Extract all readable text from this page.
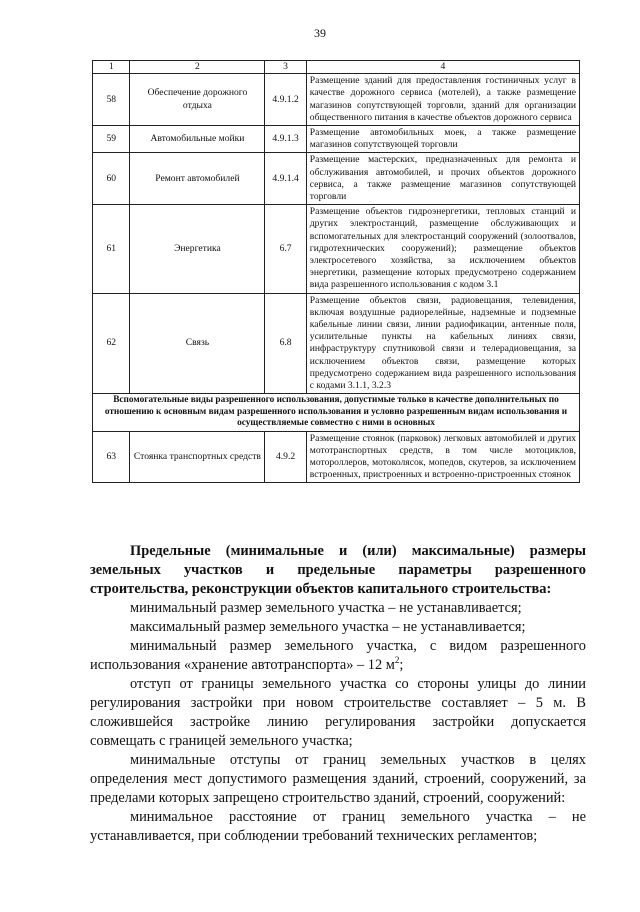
39
1	2	3	4
58	Обеспечение дорожного отдыха	4.9.1.2	Размещение зданий для предоставления гостиничных услуг в качестве дорожного сервиса (мотелей), а также размещение магазинов сопутствующей торговли, зданий для организации общественного питания в качестве объектов дорожного сервиса
59	Автомобильные мойки	4.9.1.3	Размещение автомобильных моек, а также размещение магазинов сопутствующей торговли
60	Ремонт автомобилей	4.9.1.4	Размещение мастерских, предназначенных для ремонта и обслуживания автомобилей, и прочих объектов дорожного сервиса, а также размещение магазинов сопутствующей торговли
61	Энергетика	6.7	Размещение объектов гидроэнергетики, тепловых станций и других электростанций, размещение обслуживающих и вспомогательных для электростанций сооружений (золоотвалов, гидротехнических сооружений); размещение объектов электросетевого хозяйства, за исключением объектов энергетики, размещение которых предусмотрено содержанием вида разрешенного использования с кодом 3.1
62	Связь	6.8	Размещение объектов связи, радиовещания, телевидения, включая воздушные радиорелейные, надземные и подземные кабельные линии связи, линии радиофикации, антенные поля, усилительные пункты на кабельных линиях связи, инфраструктуру спутниковой связи и телерадиовещания, за исключением объектов связи, размещение которых предусмотрено содержанием вида разрешенного использования с кодами 3.1.1, 3.2.3
Вспомогательные виды разрешенного использования, допустимые только в качестве дополнительных по отношению к основным видам разрешенного использования и условно разрешенным видам использования и осуществляемые совместно с ними в основных			
63	Стоянка транспортных средств	4.9.2	Размещение стоянок (парковок) легковых автомобилей и других мототранспортных средств, в том числе мотоциклов, мотороллеров, мотоколясок, мопедов, скутеров, за исключением встроенных, пристроенных и встроенно-пристроенных стоянок

Предельные (минимальные и (или) максимальные) размеры земельных участков и предельные параметры разрешенного строительства, реконструкции объектов капитального строительства:

минимальный размер земельного участка – не устанавливается;

максимальный размер земельного участка – не устанавливается;

минимальный размер земельного участка, с видом разрешенного использования «хранение автотранспорта» – 12 $м^2$;

отступ от границы земельного участка со стороны улицы до линии регулирования застройки при новом строительстве составляет – 5 м. В сложившейся застройке линию регулирования застройки допускается совмещать с границей земельного участка;

минимальные отступы от границ земельных участков в целях определения мест допустимого размещения зданий, строений, сооружений, за пределами которых запрещено строительство зданий, строений, сооружений:

минимальное расстояние от границ земельного участка – не устанавливается, при соблюдении требований технических регламентов;
